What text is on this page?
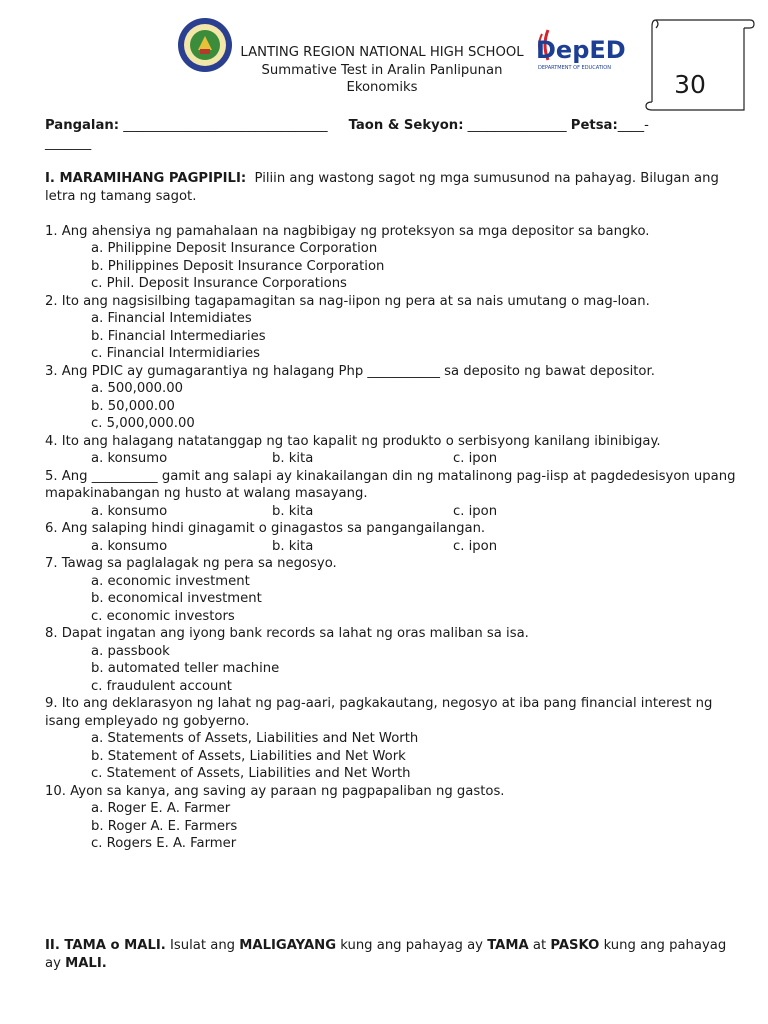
LANTING REGION NATIONAL HIGH SCHOOL
Summative Test in Aralin Panlipunan
Ekonomiks
DepED
DEPARTMENT OF EDUCATION
30
Pangalan: _______________________________ Taon & Sekyon: _______________ Petsa:____-
_______
I. MARAMIHANG PAGPIPILI: Piliin ang wastong sagot ng mga sumusunod na pahayag. Bilugan ang letra ng tamang sagot.
1. Ang ahensiya ng pamahalaan na nagbibigay ng proteksyon sa mga depositor sa bangko.
a. Philippine Deposit Insurance Corporation
b. Philippines Deposit Insurance Corporation
c. Phil. Deposit Insurance Corporations
2. Ito ang nagsisilbing tagapamagitan sa nag-iipon ng pera at sa nais umutang o mag-loan.
a. Financial Intemidiates
b. Financial Intermediaries
c. Financial Intermidiaries
3. Ang PDIC ay gumagarantiya ng halagang Php ___________ sa deposito ng bawat depositor.
a. 500,000.00
b. 50,000.00
c. 5,000,000.00
4. Ito ang halagang natatanggap ng tao kapalit ng produkto o serbisyong kanilang ibinibigay.
a. konsumo	b. kita	c. ipon
5. Ang __________ gamit ang salapi ay kinakailangan din ng matalinong pag-iisp at pagdedesisyon upang mapakinabangan ng husto at walang masayang.
a. konsumo	b. kita	c. ipon
6. Ang salaping hindi ginagamit o ginagastos sa pangangailangan.
a. konsumo	b. kita	c. ipon
7. Tawag sa paglalagak ng pera sa negosyo.
a. economic investment
b. economical investment
c. economic investors
8. Dapat ingatan ang iyong bank records sa lahat ng oras maliban sa isa.
a. passbook
b. automated teller machine
c. fraudulent account
9. Ito ang deklarasyon ng lahat ng pag-aari, pagkakautang, negosyo at iba pang financial interest ng isang empleyado ng gobyerno.
a. Statements of Assets, Liabilities and Net Worth
b. Statement of Assets, Liabilities and Net Work
c. Statement of Assets, Liabilities and Net Worth
10. Ayon sa kanya, ang saving ay paraan ng pagpapaliban ng gastos.
a. Roger E. A. Farmer
b. Roger A. E. Farmers
c. Rogers E. A. Farmer
II. TAMA o MALI. Isulat ang MALIGAYANG kung ang pahayag ay TAMA at PASKO kung ang pahayag ay MALI.
